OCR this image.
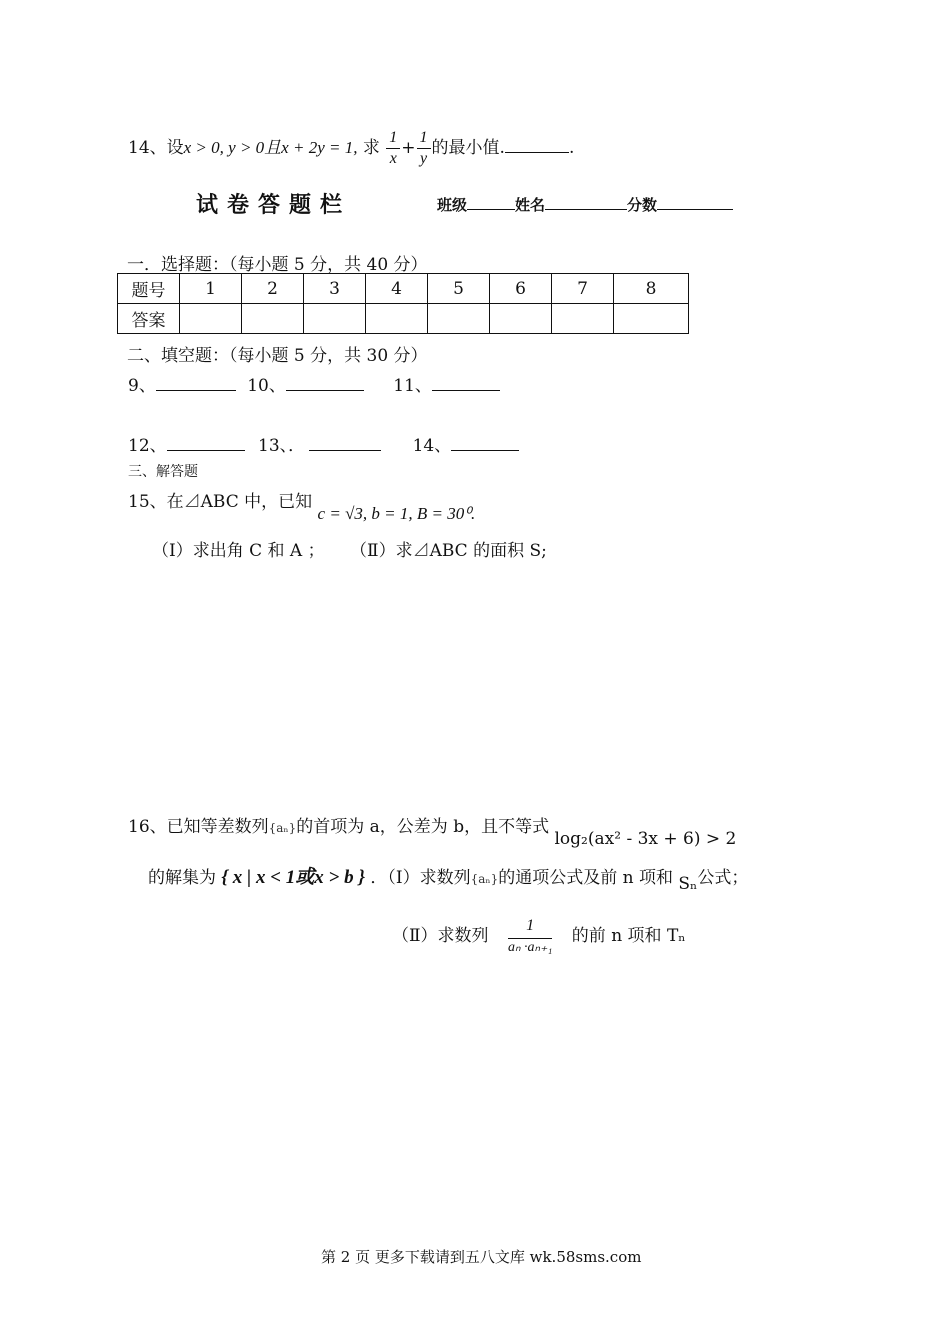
14、设x > 0, y > 0且x + 2y = 1, 求 $\frac{1}{x} + \frac{1}{y}$ 的最小值.	.
试卷答题栏	班级	姓名	分数
一．选择题：（每小题 5 分，共 40 分）
题号	1	2	3	4	5	6	7	8
答案								
二、填空题：（每小题 5 分，共 30 分）
9、	10、	11、
12、	13、．	14、
三、解答题
15、在⊿ABC 中，已知 c = √3, b = 1, B = 30⁰.
（Ⅰ）求出角 C 和 A ； （Ⅱ）求⊿ABC 的面积 S;
16、已知等差数列{aₙ}的首项为 a，公差为 b，且不等式 log₂(ax² - 3x + 6) > 2
的解集为 { x | x < 1或x > b } ．（Ⅰ）求数列{aₙ}的通项公式及前 n 项和 Sₙ公式；
（Ⅱ）求数列 $\frac{1}{\text{aₙ ·aₙ₊₁}}$ 的前 n 项和 Tₙ
第 2 页 更多下载请到五八文库 wk.58sms.com
